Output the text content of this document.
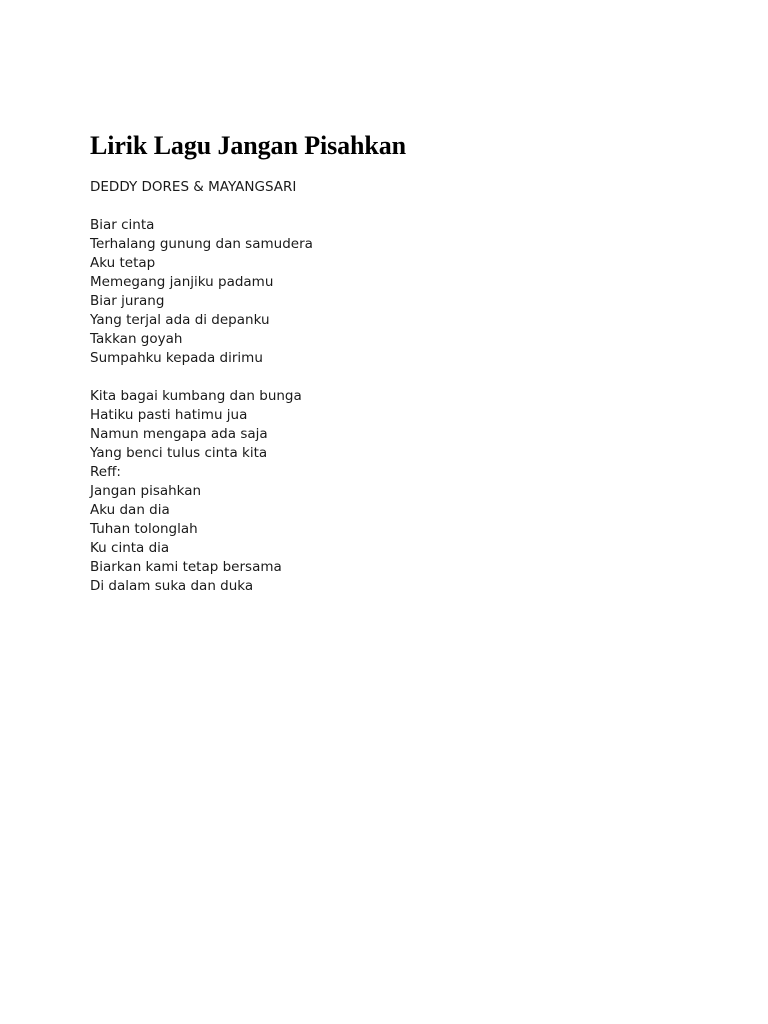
Lirik Lagu Jangan Pisahkan
DEDDY DORES & MAYANGSARI
Biar cinta
Terhalang gunung dan samudera
Aku tetap
Memegang janjiku padamu
Biar jurang
Yang terjal ada di depanku
Takkan goyah
Sumpahku kepada dirimu
Kita bagai kumbang dan bunga
Hatiku pasti hatimu jua
Namun mengapa ada saja
Yang benci tulus cinta kita
Reff:
Jangan pisahkan
Aku dan dia
Tuhan tolonglah
Ku cinta dia
Biarkan kami tetap bersama
Di dalam suka dan duka
